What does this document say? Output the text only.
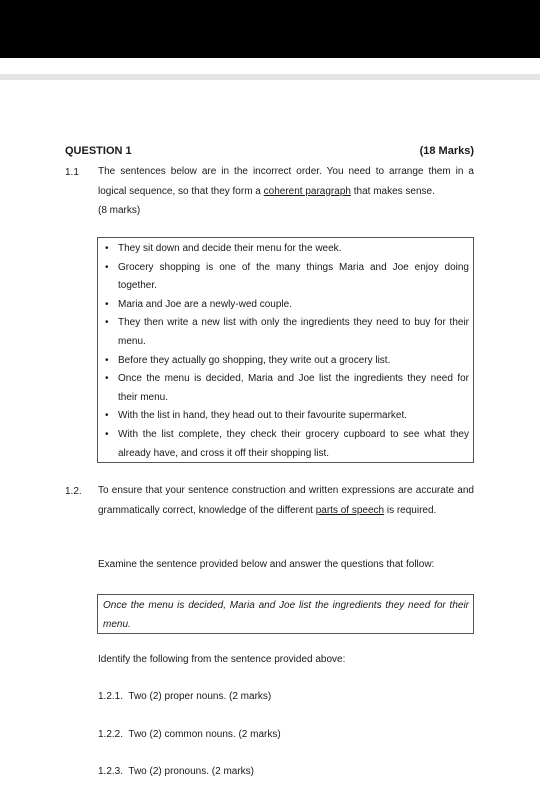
QUESTION 1	(18 Marks)
1.1 The sentences below are in the incorrect order. You need to arrange them in a logical sequence, so that they form a coherent paragraph that makes sense.
(8 marks)
• They sit down and decide their menu for the week.
• Grocery shopping is one of the many things Maria and Joe enjoy doing together.
• Maria and Joe are a newly-wed couple.
• They then write a new list with only the ingredients they need to buy for their menu.
• Before they actually go shopping, they write out a grocery list.
• Once the menu is decided, Maria and Joe list the ingredients they need for their menu.
• With the list in hand, they head out to their favourite supermarket.
• With the list complete, they check their grocery cupboard to see what they already have, and cross it off their shopping list.
1.2. To ensure that your sentence construction and written expressions are accurate and grammatically correct, knowledge of the different parts of speech is required.
Examine the sentence provided below and answer the questions that follow:
Once the menu is decided, Maria and Joe list the ingredients they need for their menu.
Identify the following from the sentence provided above:
1.2.1.  Two (2) proper nouns. (2 marks)
1.2.2.  Two (2) common nouns. (2 marks)
1.2.3.  Two (2) pronouns. (2 marks)
